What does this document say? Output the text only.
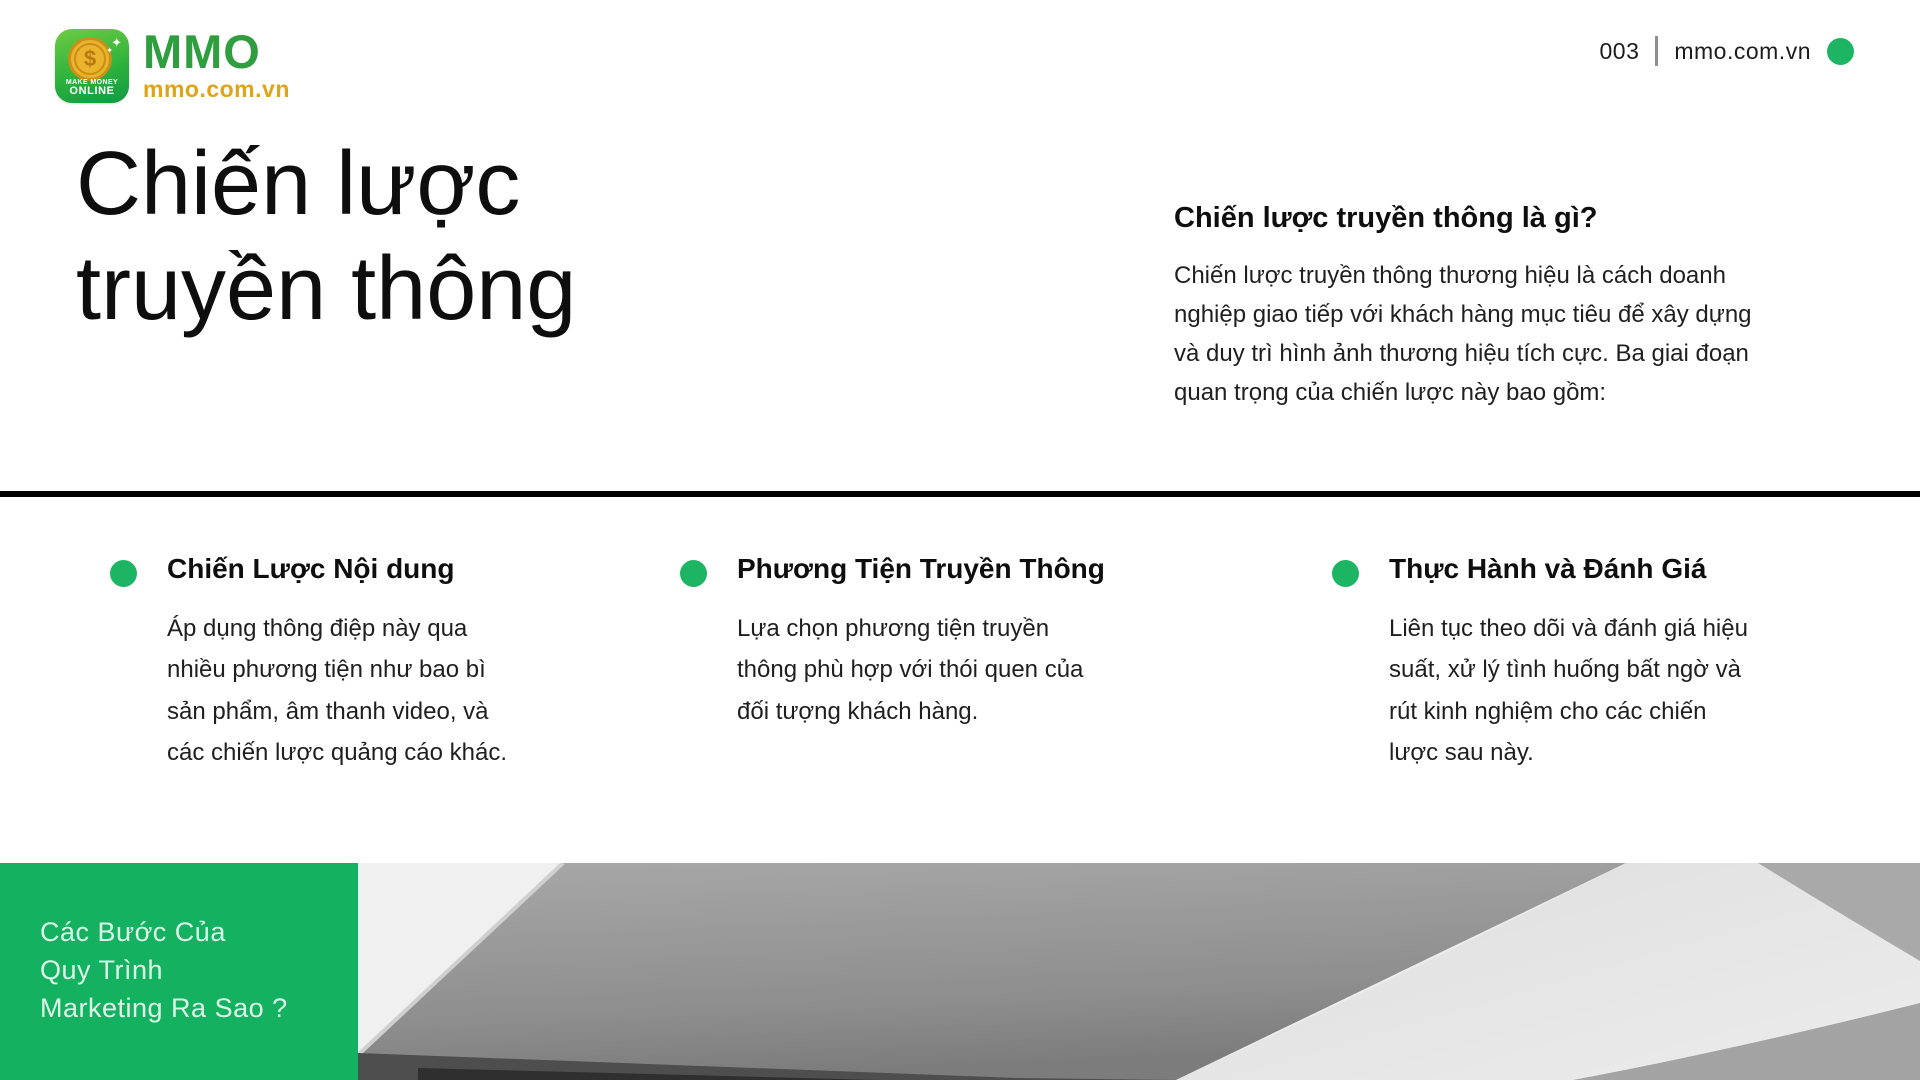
$
✦
✦
MAKE MONEY
ONLINE
MMO
mmo.com.vn
003 mmo.com.vn
Chiến lược
truyền thông
Chiến lược truyền thông là gì?
Chiến lược truyền thông thương hiệu là cách doanh nghiệp giao tiếp với khách hàng mục tiêu để xây dựng và duy trì hình ảnh thương hiệu tích cực. Ba giai đoạn quan trọng của chiến lược này bao gồm:
Chiến Lược Nội dung
Áp dụng thông điệp này qua nhiều phương tiện như bao bì sản phẩm, âm thanh video, và các chiến lược quảng cáo khác.
Phương Tiện Truyền Thông
Lựa chọn phương tiện truyền thông phù hợp với thói quen của đối tượng khách hàng.
Thực Hành và Đánh Giá
Liên tục theo dõi và đánh giá hiệu suất, xử lý tình huống bất ngờ và rút kinh nghiệm cho các chiến lược sau này.
Các Bước Của
Quy Trình
Marketing Ra Sao ?
